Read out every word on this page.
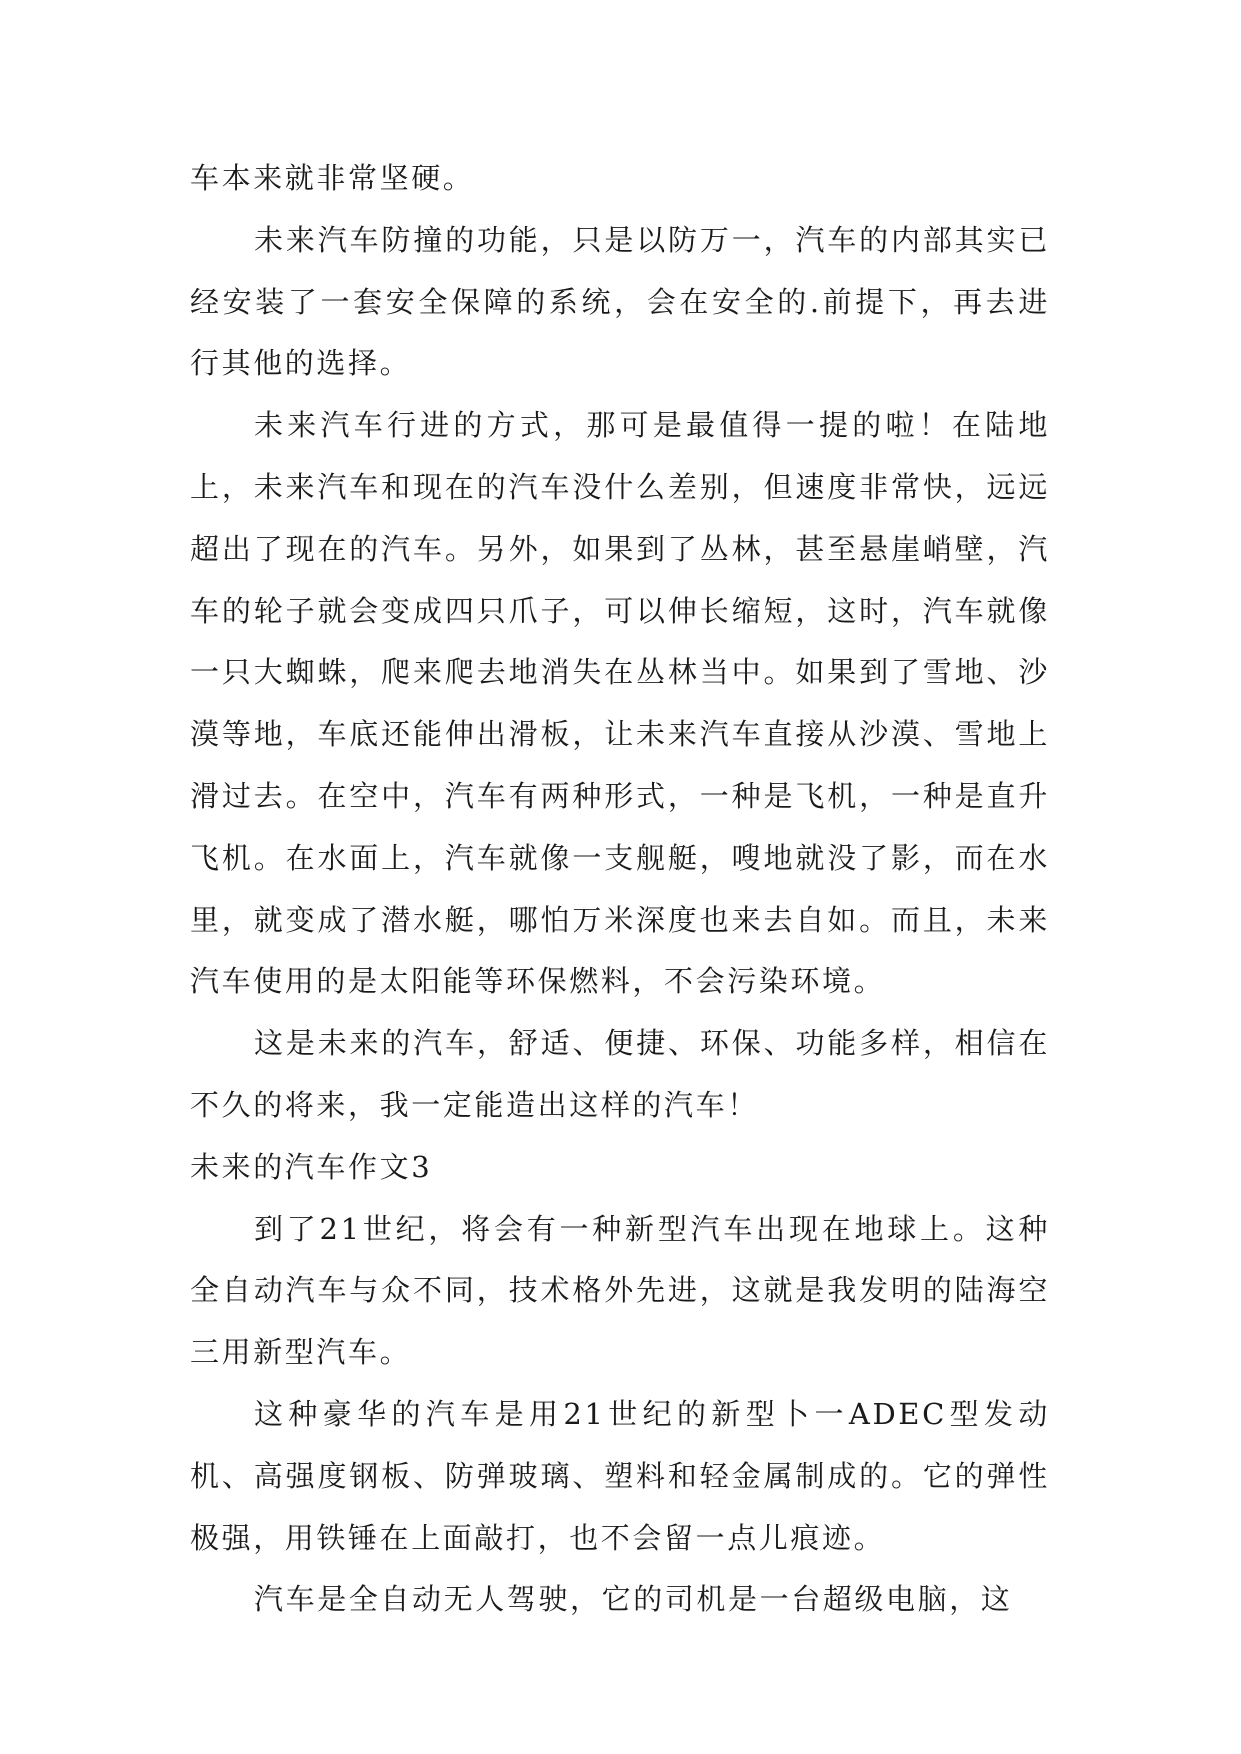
车本来就非常坚硬。

未来汽车防撞的功能，只是以防万一，汽车的内部其实已经安装了一套安全保障的系统，会在安全的.前提下，再去进行其他的选择。

未来汽车行进的方式，那可是最值得一提的啦！在陆地上，未来汽车和现在的汽车没什么差别，但速度非常快，远远超出了现在的汽车。另外，如果到了丛林，甚至悬崖峭壁，汽车的轮子就会变成四只爪子，可以伸长缩短，这时，汽车就像一只大蜘蛛，爬来爬去地消失在丛林当中。如果到了雪地、沙漠等地，车底还能伸出滑板，让未来汽车直接从沙漠、雪地上滑过去。在空中，汽车有两种形式，一种是飞机，一种是直升飞机。在水面上，汽车就像一支舰艇，嗖地就没了影，而在水里，就变成了潜水艇，哪怕万米深度也来去自如。而且，未来汽车使用的是太阳能等环保燃料，不会污染环境。

这是未来的汽车，舒适、便捷、环保、功能多样，相信在不久的将来，我一定能造出这样的汽车！

未来的汽车作文3

到了21世纪，将会有一种新型汽车出现在地球上。这种全自动汽车与众不同，技术格外先进，这就是我发明的陆海空三用新型汽车。

这种豪华的汽车是用21世纪的新型卜一ADEC型发动机、高强度钢板、防弹玻璃、塑料和轻金属制成的。它的弹性极强，用铁锤在上面敲打，也不会留一点儿痕迹。

汽车是全自动无人驾驶，它的司机是一台超级电脑，这
